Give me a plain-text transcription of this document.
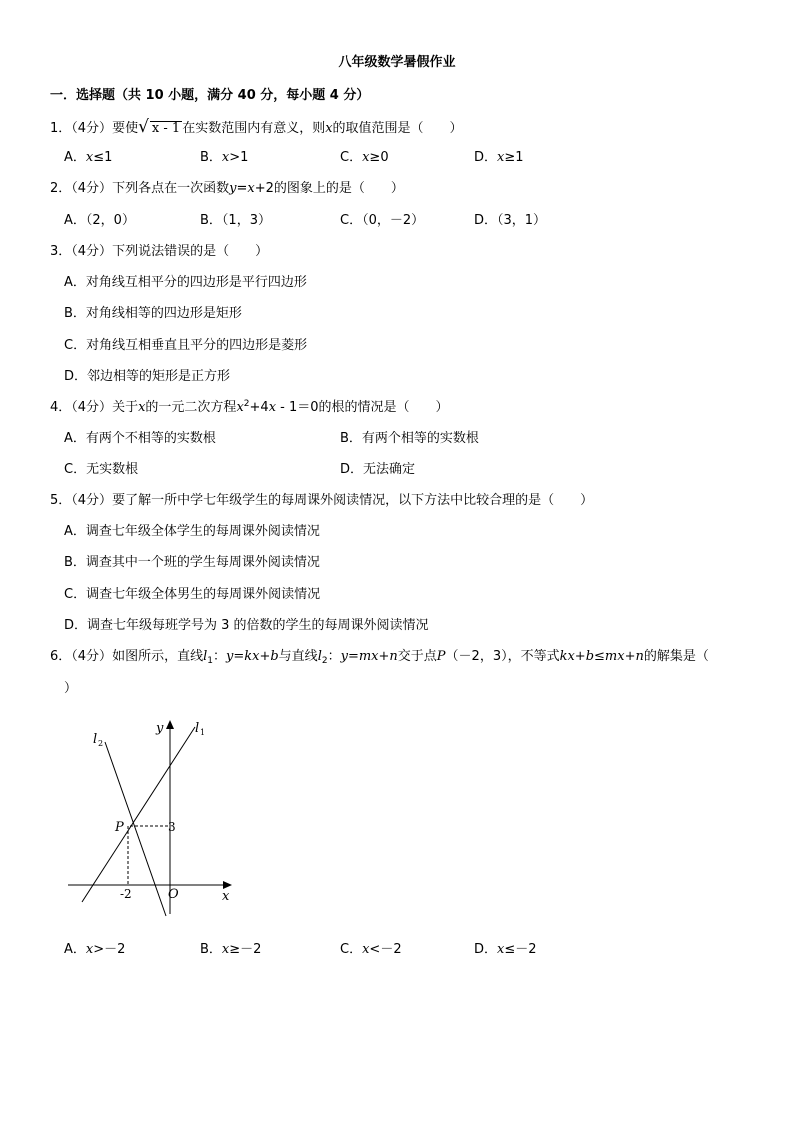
八年级数学暑假作业
一．选择题（共 10 小题，满分 40 分，每小题 4 分）
1．（4分）要使√ x - 1 在实数范围内有意义，则x的取值范围是（　　）
A．x≤1	B．x>1	C．x≥0	D．x≥1
2．（4分）下列各点在一次函数y=x+2的图象上的是（　　）
A．（2，0）	B．（1，3）	C．（0，－2）	D．（3，1）
3．（4分）下列说法错误的是（　　）
A．对角线互相平分的四边形是平行四边形
B．对角线相等的四边形是矩形
C．对角线互相垂直且平分的四边形是菱形
D．邻边相等的矩形是正方形
4．（4分）关于x的一元二次方程$x^2+4x - 1=0$的根的情况是（　　）
A．有两个不相等的实数根	B．有两个相等的实数根
C．无实数根	D．无法确定
5．（4分）要了解一所中学七年级学生的每周课外阅读情况，以下方法中比较合理的是（　　）
A．调查七年级全体学生的每周课外阅读情况
B．调查其中一个班的学生每周课外阅读情况
C．调查七年级全体男生的每周课外阅读情况
D．调查七年级每班学号为 3 的倍数的学生的每周课外阅读情况
6．（4分）如图所示，直线$l_1$：y=kx+b与直线$l_2$：y=mx+n交于点P（－2，3），不等式kx+b≤mx+n的解集是（
）
y
x
l 1
l 2
P	3
-2	O
A．x>－2	B．x≥－2	C．x<－2	D．x≤－2
